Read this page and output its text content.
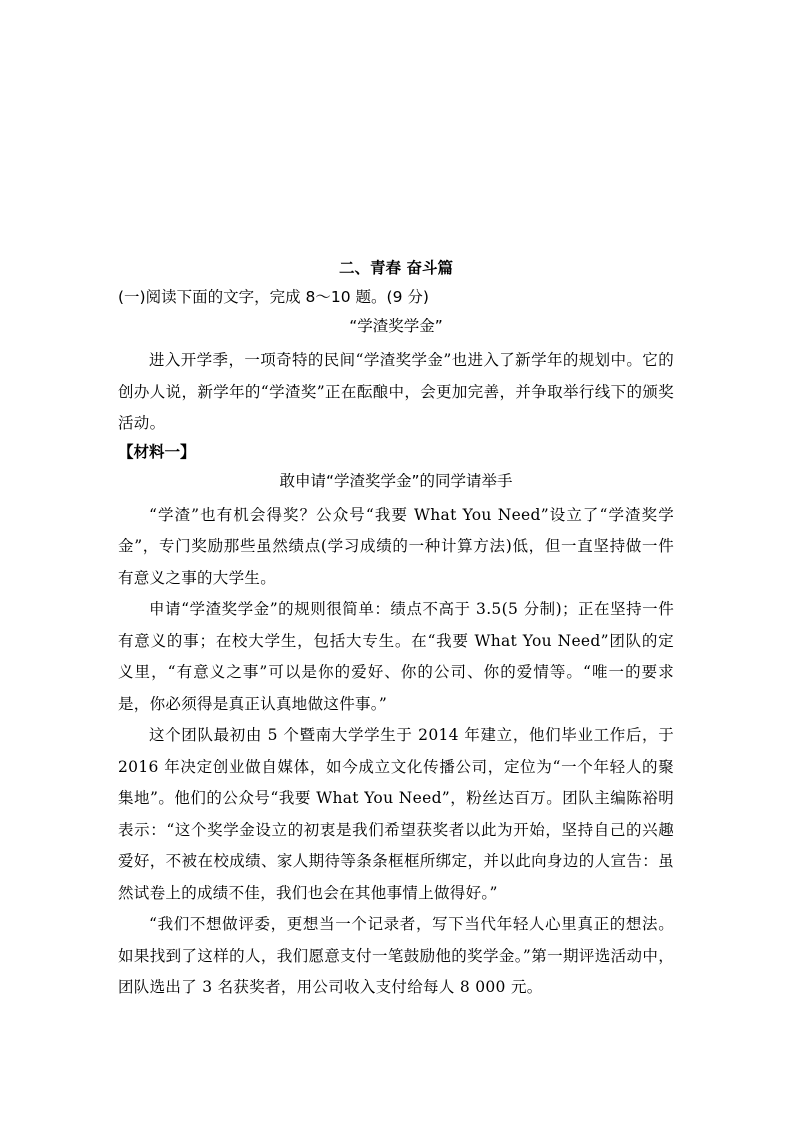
二、青春 奋斗篇
(一)阅读下面的文字，完成 8～10 题。(9 分)
“学渣奖学金”

进入开学季，一项奇特的民间“学渣奖学金”也进入了新学年的规划中。它的创办人说，新学年的“学渣奖”正在酝酿中，会更加完善，并争取举行线下的颁奖活动。

【材料一】
敢申请“学渣奖学金”的同学请举手

“学渣”也有机会得奖？公众号“我要 What You Need”设立了“学渣奖学金”，专门奖励那些虽然绩点(学习成绩的一种计算方法)低，但一直坚持做一件有意义之事的大学生。

申请“学渣奖学金”的规则很简单：绩点不高于 3.5(5 分制)；正在坚持一件有意义的事；在校大学生，包括大专生。在“我要 What You Need”团队的定义里，“有意义之事”可以是你的爱好、你的公司、你的爱情等。“唯一的要求是，你必须得是真正认真地做这件事。”

这个团队最初由 5 个暨南大学学生于 2014 年建立，他们毕业工作后，于 2016 年决定创业做自媒体，如今成立文化传播公司，定位为“一个年轻人的聚集地”。他们的公众号“我要 What You Need”，粉丝达百万。团队主编陈裕明表示：“这个奖学金设立的初衷是我们希望获奖者以此为开始，坚持自己的兴趣爱好，不被在校成绩、家人期待等条条框框所绑定，并以此向身边的人宣告：虽然试卷上的成绩不佳，我们也会在其他事情上做得好。”

“我们不想做评委，更想当一个记录者，写下当代年轻人心里真正的想法。如果找到了这样的人，我们愿意支付一笔鼓励他的奖学金。”第一期评选活动中，团队选出了 3 名获奖者，用公司收入支付给每人 8 000 元。
